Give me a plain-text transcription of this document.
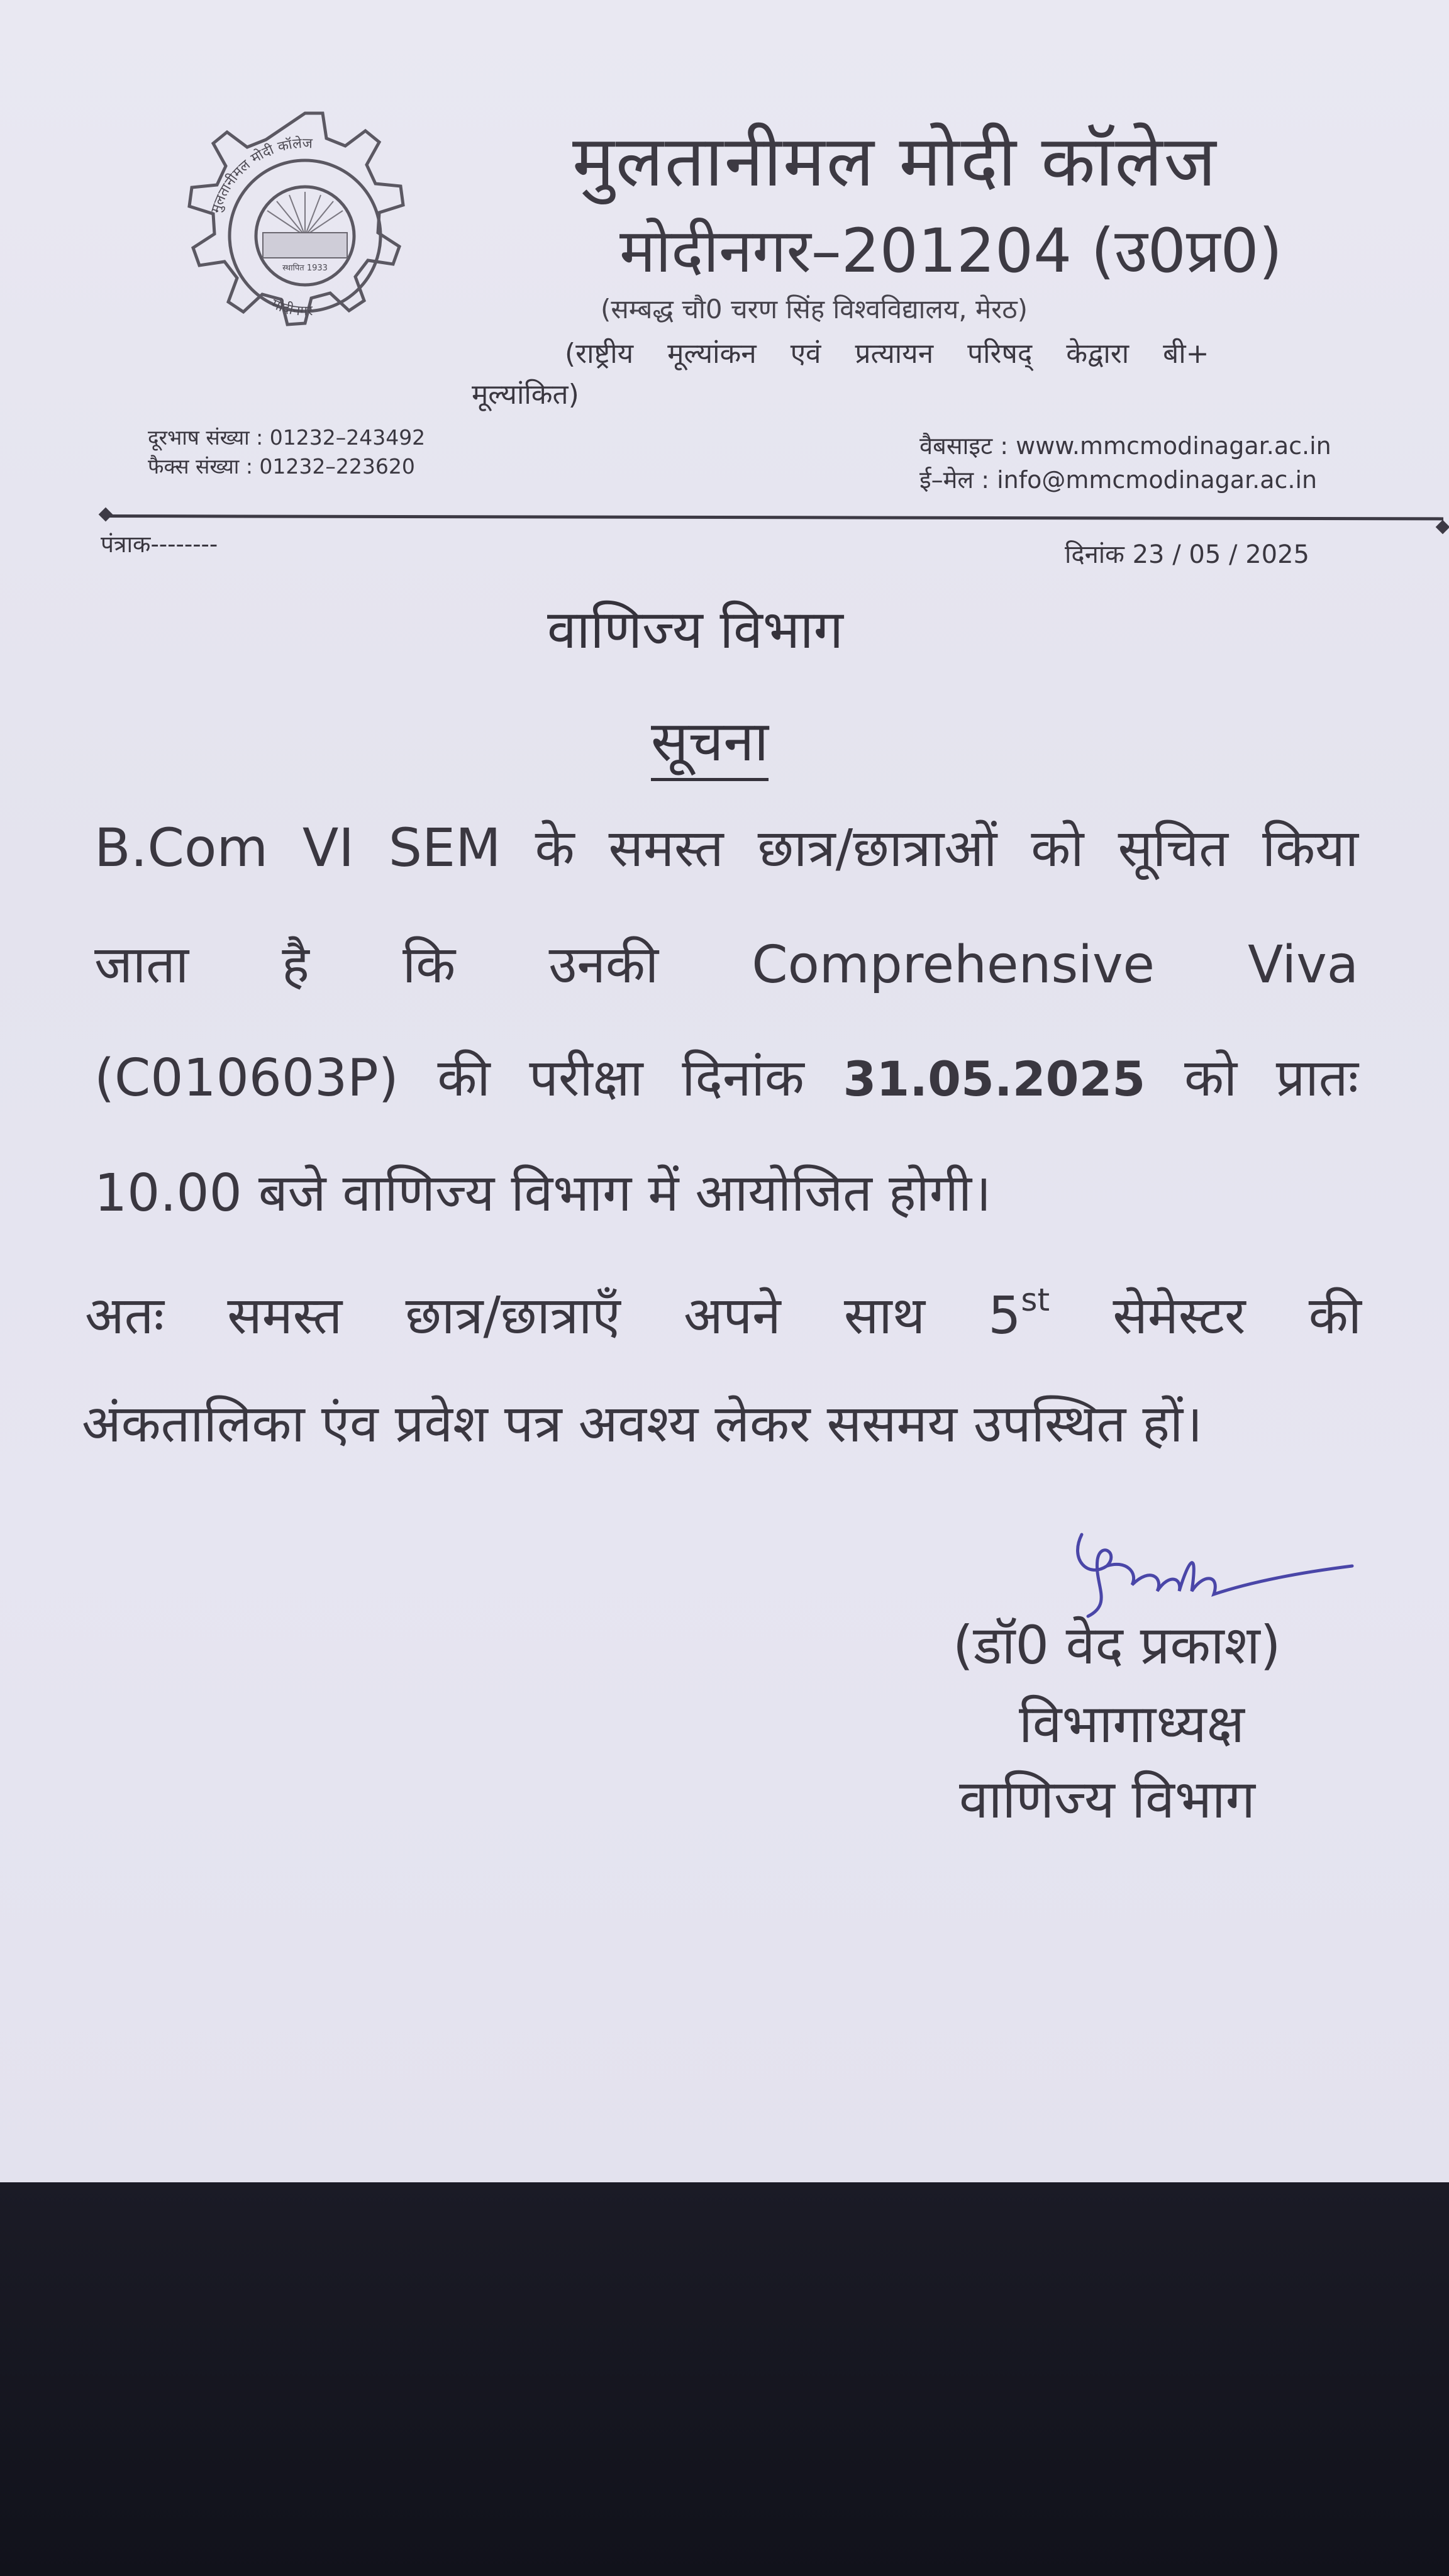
मुलतानीमल मोदी कॉलेज
मोदीनगर
स्थापित 1933
मुलतानीमल मोदी कॉलेज
मोदीनगर–201204 (उ0प्र0)
(सम्बद्ध चौ0 चरण सिंह विश्वविद्यालय, मेरठ)
(राष्ट्रीय मूल्यांकन एवं प्रत्यायन परिषद् केद्वारा बी+
मूल्यांकित)
दूरभाष संख्या : 01232–243492
फैक्स संख्या : 01232–223620
वैबसाइट : www.mmcmodinagar.ac.in
ई–मेल : info@mmcmodinagar.ac.in
पंत्राक--------	दिनांक 23 / 05 / 2025
वाणिज्य विभाग
सूचना
B.Com VI SEM के समस्त छात्र/छात्राओं को सूचित किया
जाता है कि उनकी Comprehensive Viva
(C010603P) की परीक्षा दिनांक 31.05.2025 को प्रातः
10.00 बजे वाणिज्य विभाग में आयोजित होगी।
अतः समस्त छात्र/छात्राऍं अपने साथ 5st सेमेस्टर की
अंकतालिका एंव प्रवेश पत्र अवश्य लेकर ससमय उपस्थित हों।
(डॉ0 वेद प्रकाश)
विभागाध्यक्ष
वाणिज्य विभाग
